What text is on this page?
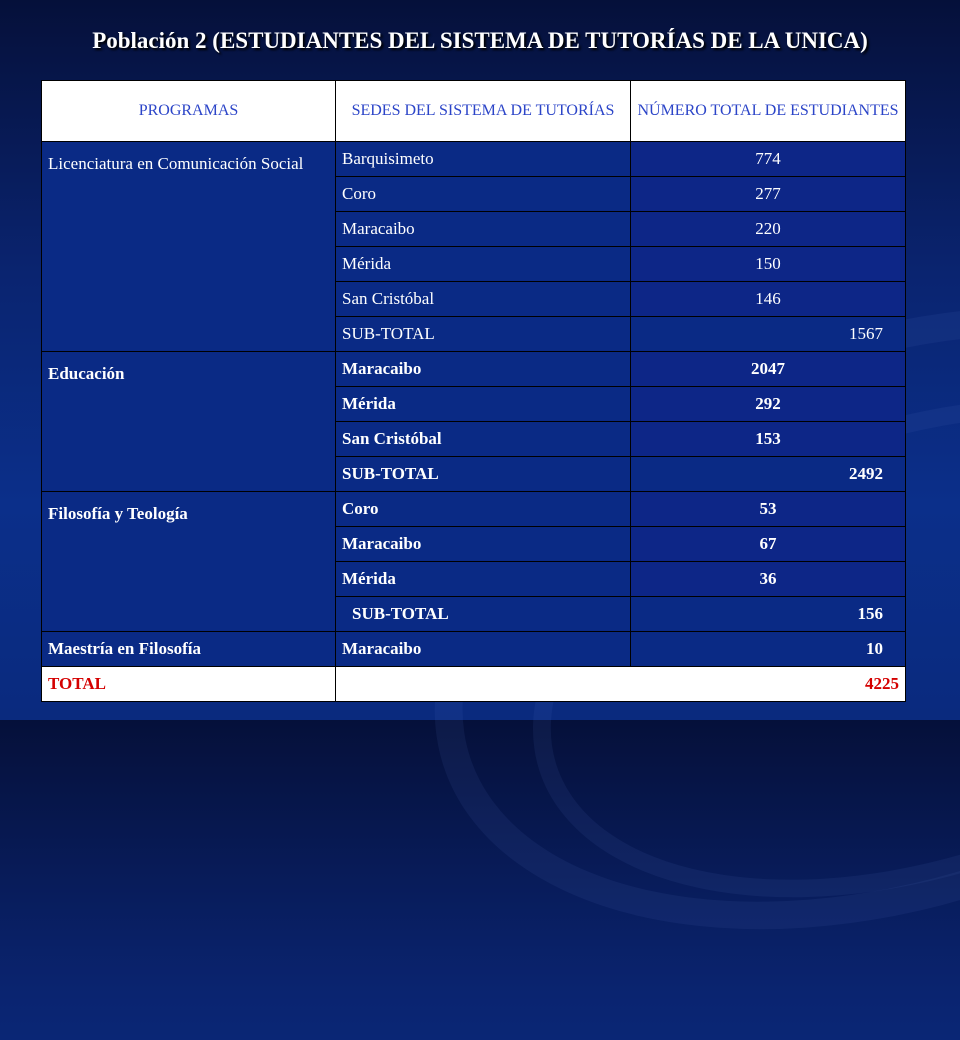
Población 2 (ESTUDIANTES DEL SISTEMA DE TUTORÍAS DE LA UNICA)
PROGRAMAS	SEDES DEL SISTEMA DE TUTORÍAS	NÚMERO TOTAL DE ESTUDIANTES
Licenciatura en Comunicación Social	Barquisimeto	774
	Coro	277
	Maracaibo	220
	Mérida	150
	San Cristóbal	146
	SUB-TOTAL	1567
Educación	Maracaibo	2047
	Mérida	292
	San Cristóbal	153
	SUB-TOTAL	2492
Filosofía y Teología	Coro	53
	Maracaibo	67
	Mérida	36
	SUB-TOTAL	156
Maestría en Filosofía	Maracaibo	10
TOTAL	4225	
